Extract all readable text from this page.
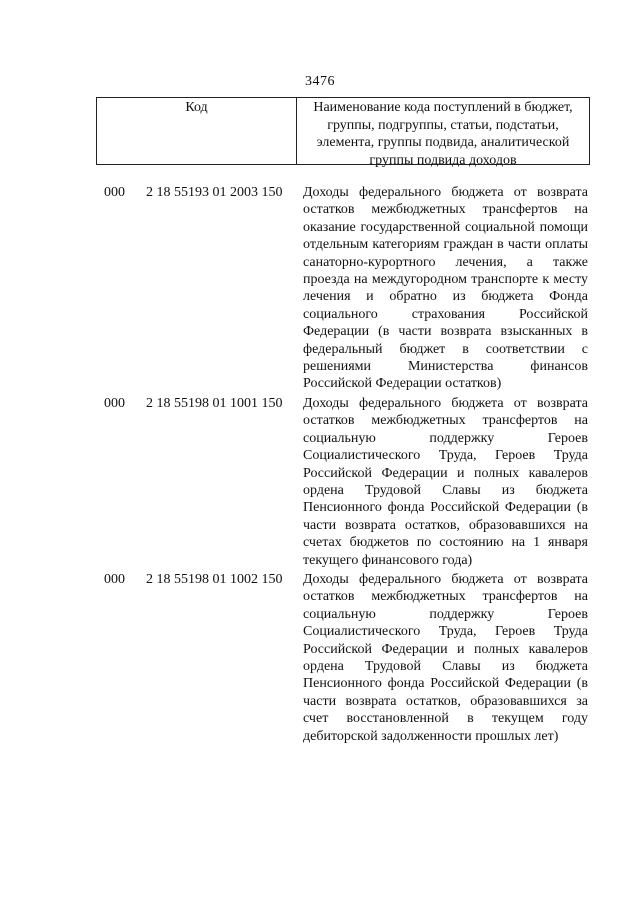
3476
Код	Наименование кода поступлений в бюджет, группы, подгруппы, статьи, подстатьи, элемента, группы подвида, аналитической группы подвида доходов
000 2 18 55193 01 2003 150 Доходы федерального бюджета от возврата остатков межбюджетных трансфертов на оказание государственной социальной помощи отдельным категориям граждан в части оплаты санаторно-курортного лечения, а также проезда на междугородном транспорте к месту лечения и обратно из бюджета Фонда социального страхования Российской Федерации (в части возврата взысканных в федеральный бюджет в соответствии с решениями Министерства финансов Российской Федерации остатков)
000 2 18 55198 01 1001 150 Доходы федерального бюджета от возврата остатков межбюджетных трансфертов на социальную поддержку Героев Социалистического Труда, Героев Труда Российской Федерации и полных кавалеров ордена Трудовой Славы из бюджета Пенсионного фонда Российской Федерации (в части возврата остатков, образовавшихся на счетах бюджетов по состоянию на 1 января текущего финансового года)
000 2 18 55198 01 1002 150 Доходы федерального бюджета от возврата остатков межбюджетных трансфертов на социальную поддержку Героев Социалистического Труда, Героев Труда Российской Федерации и полных кавалеров ордена Трудовой Славы из бюджета Пенсионного фонда Российской Федерации (в части возврата остатков, образовавшихся за счет восстановленной в текущем году дебиторской задолженности прошлых лет)
